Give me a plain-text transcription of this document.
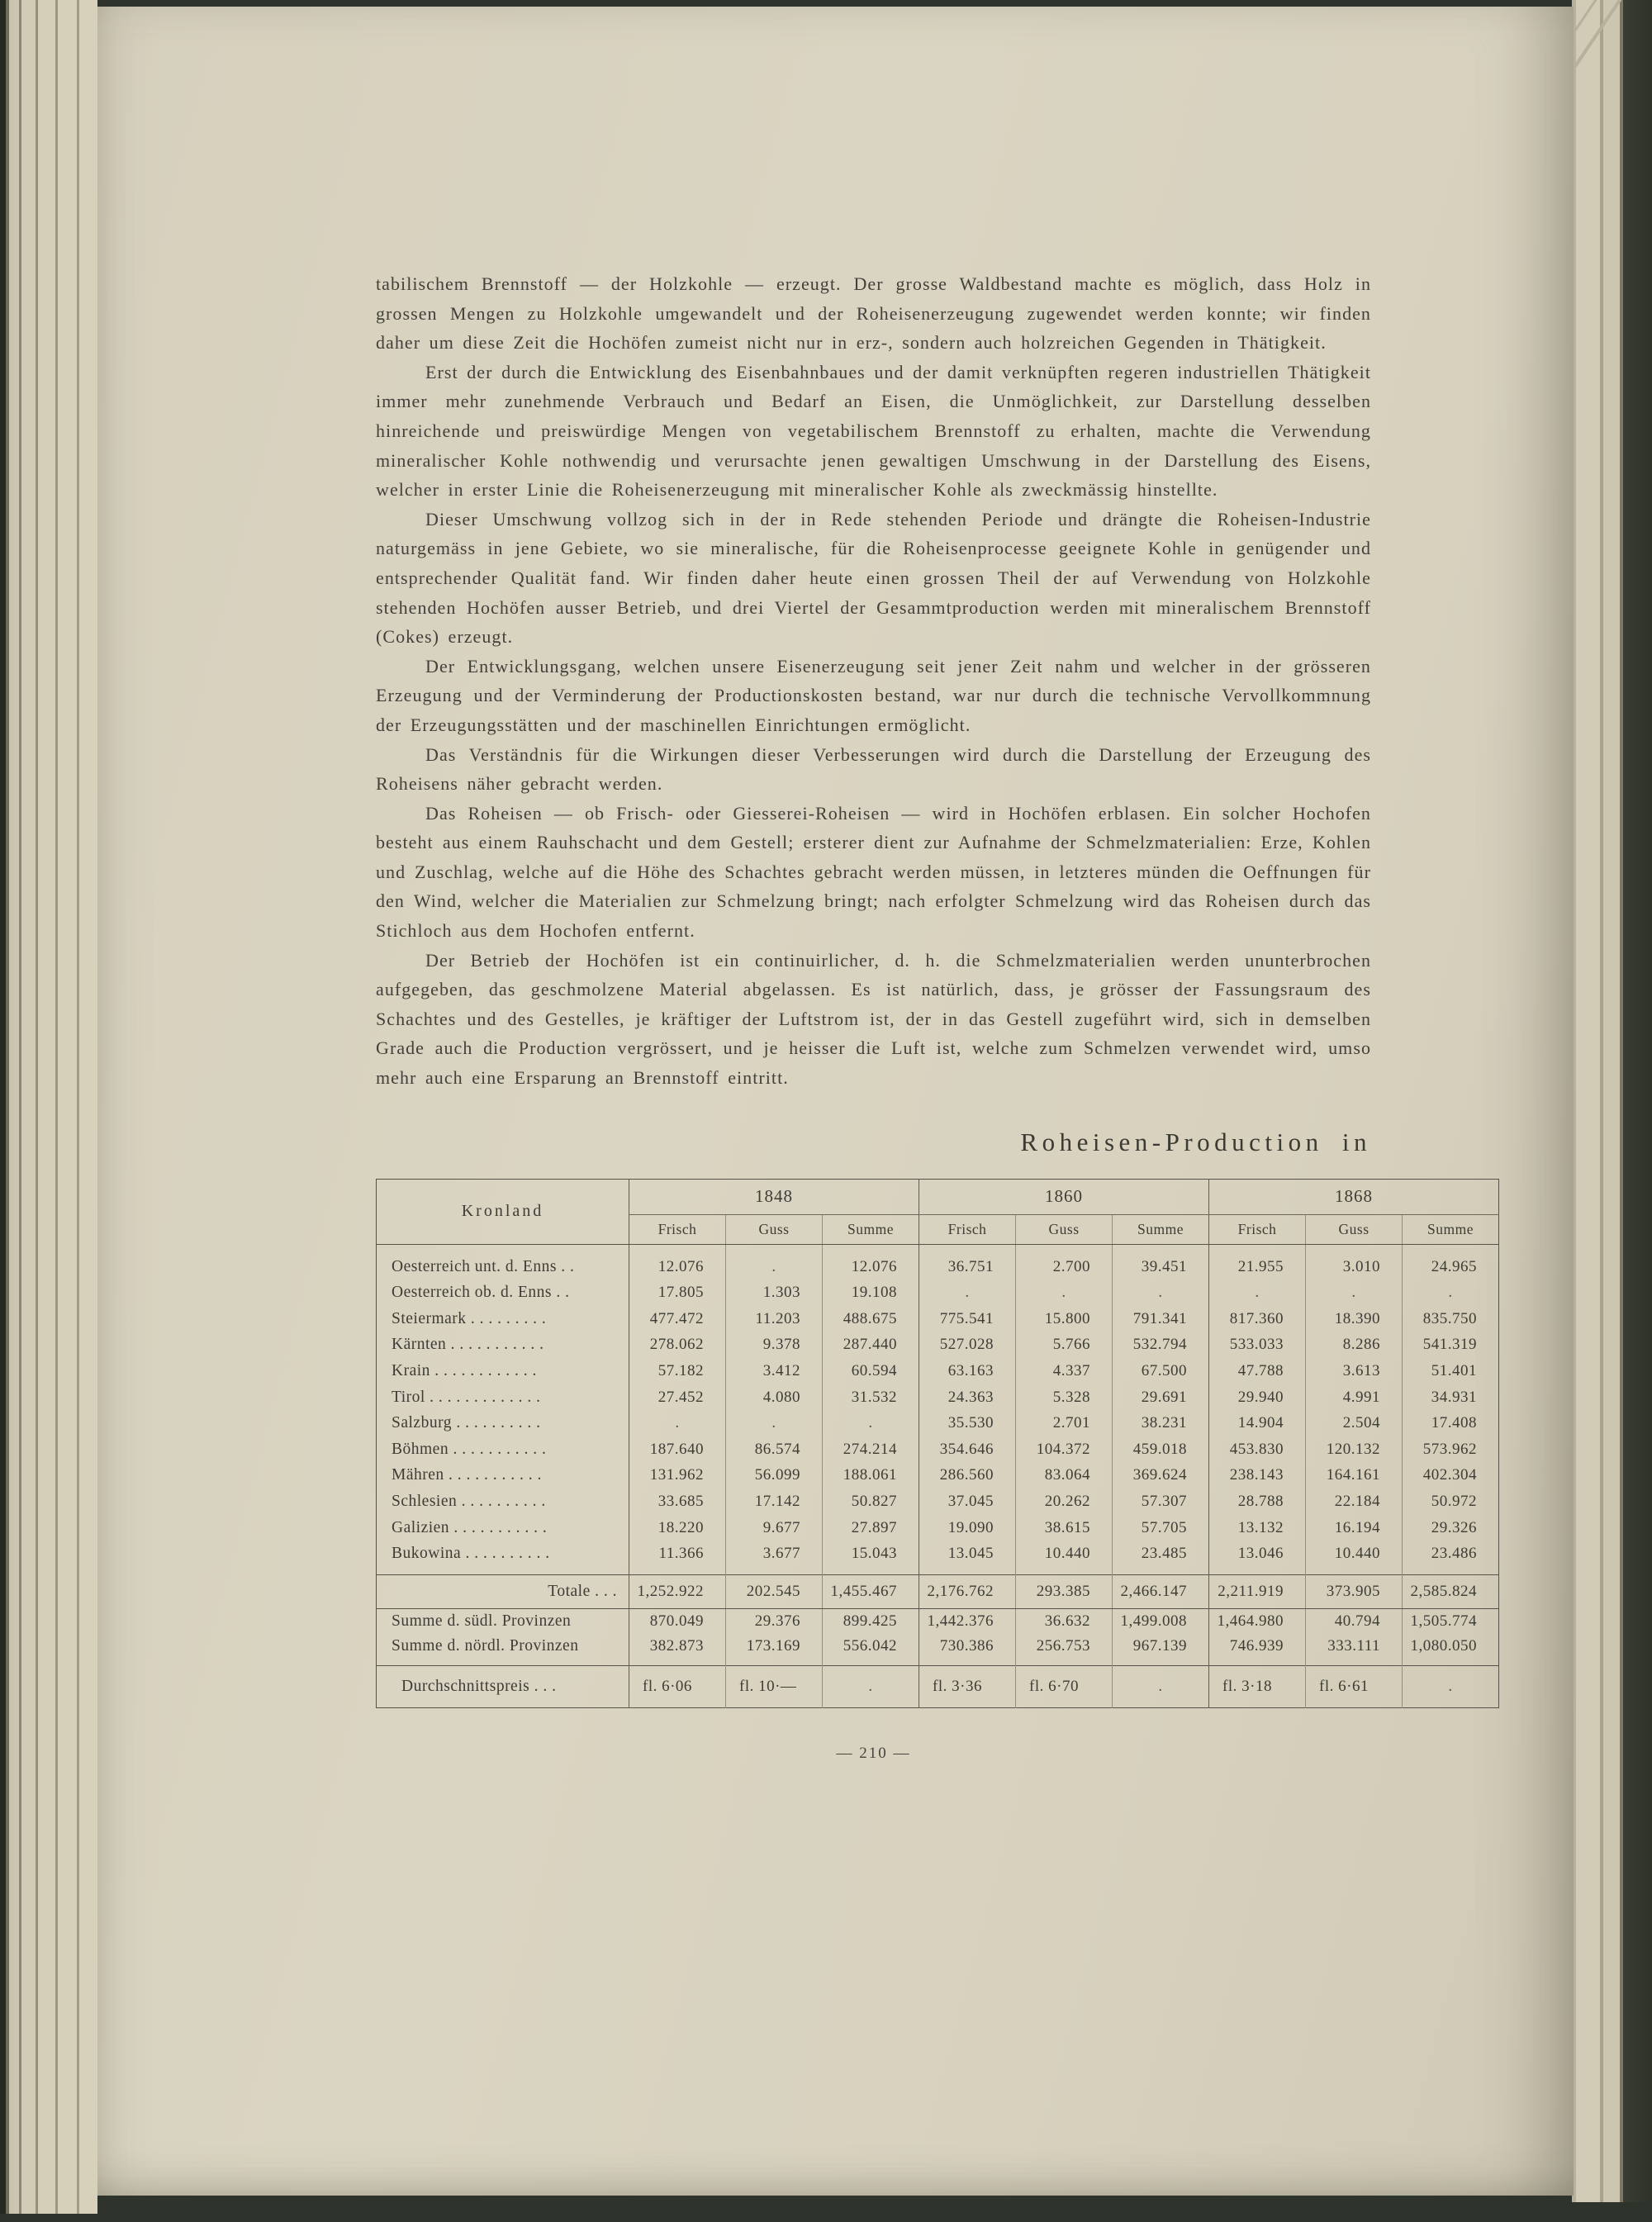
tabilischem Brennstoff — der Holzkohle — erzeugt. Der grosse Waldbestand machte es möglich, dass Holz in grossen Mengen zu Holzkohle umgewandelt und der Roheisenerzeugung zugewendet werden konnte; wir finden daher um diese Zeit die Hochöfen zumeist nicht nur in erz-, sondern auch holzreichen Gegenden in Thätigkeit.

Erst der durch die Entwicklung des Eisenbahnbaues und der damit verknüpften regeren industriellen Thätigkeit immer mehr zunehmende Verbrauch und Bedarf an Eisen, die Unmöglichkeit, zur Darstellung desselben hinreichende und preiswürdige Mengen von vegetabilischem Brennstoff zu erhalten, machte die Verwendung mineralischer Kohle nothwendig und verursachte jenen gewaltigen Umschwung in der Darstellung des Eisens, welcher in erster Linie die Roheisenerzeugung mit mineralischer Kohle als zweckmässig hinstellte.

Dieser Umschwung vollzog sich in der in Rede stehenden Periode und drängte die Roheisen-Industrie naturgemäss in jene Gebiete, wo sie mineralische, für die Roheisenprocesse geeignete Kohle in genügender und entsprechender Qualität fand. Wir finden daher heute einen grossen Theil der auf Verwendung von Holzkohle stehenden Hochöfen ausser Betrieb, und drei Viertel der Gesammtproduction werden mit mineralischem Brennstoff (Cokes) erzeugt.

Der Entwicklungsgang, welchen unsere Eisenerzeugung seit jener Zeit nahm und welcher in der grösseren Erzeugung und der Verminderung der Productionskosten bestand, war nur durch die technische Vervollkommnung der Erzeugungsstätten und der maschinellen Einrichtungen ermöglicht.

Das Verständnis für die Wirkungen dieser Verbesserungen wird durch die Darstellung der Erzeugung des Roheisens näher gebracht werden.

Das Roheisen — ob Frisch- oder Giesserei-Roheisen — wird in Hochöfen erblasen. Ein solcher Hochofen besteht aus einem Rauhschacht und dem Gestell; ersterer dient zur Aufnahme der Schmelzmaterialien: Erze, Kohlen und Zuschlag, welche auf die Höhe des Schachtes gebracht werden müssen, in letzteres münden die Oeffnungen für den Wind, welcher die Materialien zur Schmelzung bringt; nach erfolgter Schmelzung wird das Roheisen durch das Stichloch aus dem Hochofen entfernt.

Der Betrieb der Hochöfen ist ein continuirlicher, d. h. die Schmelzmaterialien werden ununterbrochen aufgegeben, das geschmolzene Material abgelassen. Es ist natürlich, dass, je grösser der Fassungsraum des Schachtes und des Gestelles, je kräftiger der Luftstrom ist, der in das Gestell zugeführt wird, sich in demselben Grade auch die Production vergrössert, und je heisser die Luft ist, welche zum Schmelzen verwendet wird, umso mehr auch eine Ersparung an Brennstoff eintritt.

Roheisen-Production in
Kronland	1848			1860			1868		
	Frisch	Guss	Summe	Frisch	Guss	Summe	Frisch	Guss	Summe
Oesterreich unt. d. Enns . .	12.076	.	12.076	36.751	2.700	39.451	21.955	3.010	24.965
Oesterreich ob. d. Enns . .	17.805	1.303	19.108	.	.	.	.	.	.
Steiermark . . . . . . . . .	477.472	11.203	488.675	775.541	15.800	791.341	817.360	18.390	835.750
Kärnten . . . . . . . . . . .	278.062	9.378	287.440	527.028	5.766	532.794	533.033	8.286	541.319
Krain . . . . . . . . . . . .	57.182	3.412	60.594	63.163	4.337	67.500	47.788	3.613	51.401
Tirol . . . . . . . . . . . . .	27.452	4.080	31.532	24.363	5.328	29.691	29.940	4.991	34.931
Salzburg . . . . . . . . . .	.	.	.	35.530	2.701	38.231	14.904	2.504	17.408
Böhmen . . . . . . . . . . .	187.640	86.574	274.214	354.646	104.372	459.018	453.830	120.132	573.962
Mähren . . . . . . . . . . .	131.962	56.099	188.061	286.560	83.064	369.624	238.143	164.161	402.304
Schlesien . . . . . . . . . .	33.685	17.142	50.827	37.045	20.262	57.307	28.788	22.184	50.972
Galizien . . . . . . . . . . .	18.220	9.677	27.897	19.090	38.615	57.705	13.132	16.194	29.326
Bukowina . . . . . . . . . .	11.366	3.677	15.043	13.045	10.440	23.485	13.046	10.440	23.486
Totale . . .	1,252.922	202.545	1,455.467	2,176.762	293.385	2,466.147	2,211.919	373.905	2,585.824
Summe d. südl. Provinzen	870.049	29.376	899.425	1,442.376	36.632	1,499.008	1,464.980	40.794	1,505.774
Summe d. nördl. Provinzen	382.873	173.169	556.042	730.386	256.753	967.139	746.939	333.111	1,080.050
Durchschnittspreis . . .	fl. 6·06	fl. 10·—	.	fl. 3·36	fl. 6·70	.	fl. 3·18	fl. 6·61	.
— 210 —
